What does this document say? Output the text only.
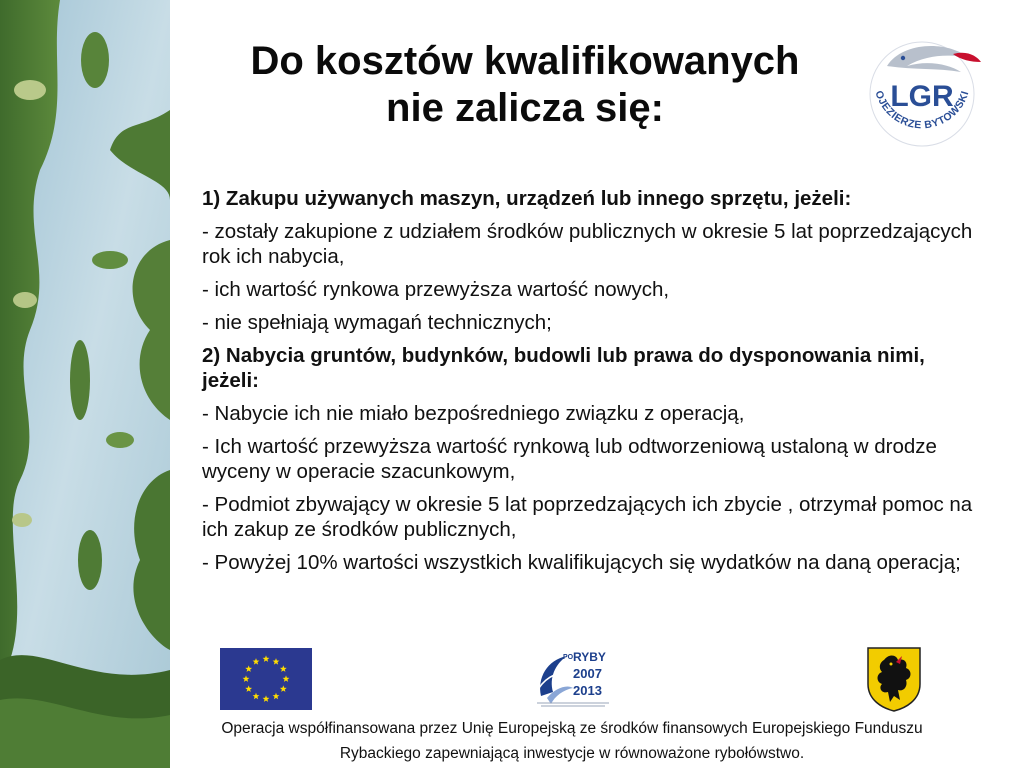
Do kosztów kwalifikowanych
nie zalicza się:	LGR
OJEZIERZE BYTOWSKI

1) Zakupu używanych maszyn, urządzeń lub innego sprzętu, jeżeli:

- zostały zakupione z udziałem środków publicznych w okresie 5 lat poprzedzających rok ich nabycia,

- ich wartość rynkowa przewyższa wartość nowych,

- nie spełniają wymagań technicznych;

2) Nabycia gruntów, budynków, budowli lub prawa do dysponowania nimi, jeżeli:

- Nabycie ich nie miało bezpośredniego związku z operacją,

- Ich wartość przewyższa wartość rynkową lub odtworzeniową ustaloną w drodze wyceny w operacie szacunkowym,

- Podmiot zbywający w okresie 5 lat poprzedzających ich zbycie , otrzymał pomoc na ich zakup ze środków publicznych,

- Powyżej 10% wartości wszystkich kwalifikujących się wydatków na daną operacją;

PO RYBY
2007
2013
Operacja współfinansowana przez Unię Europejską ze środków finansowych Europejskiego Funduszu
Rybackiego zapewniającą inwestycje w równoważone rybołówstwo.
